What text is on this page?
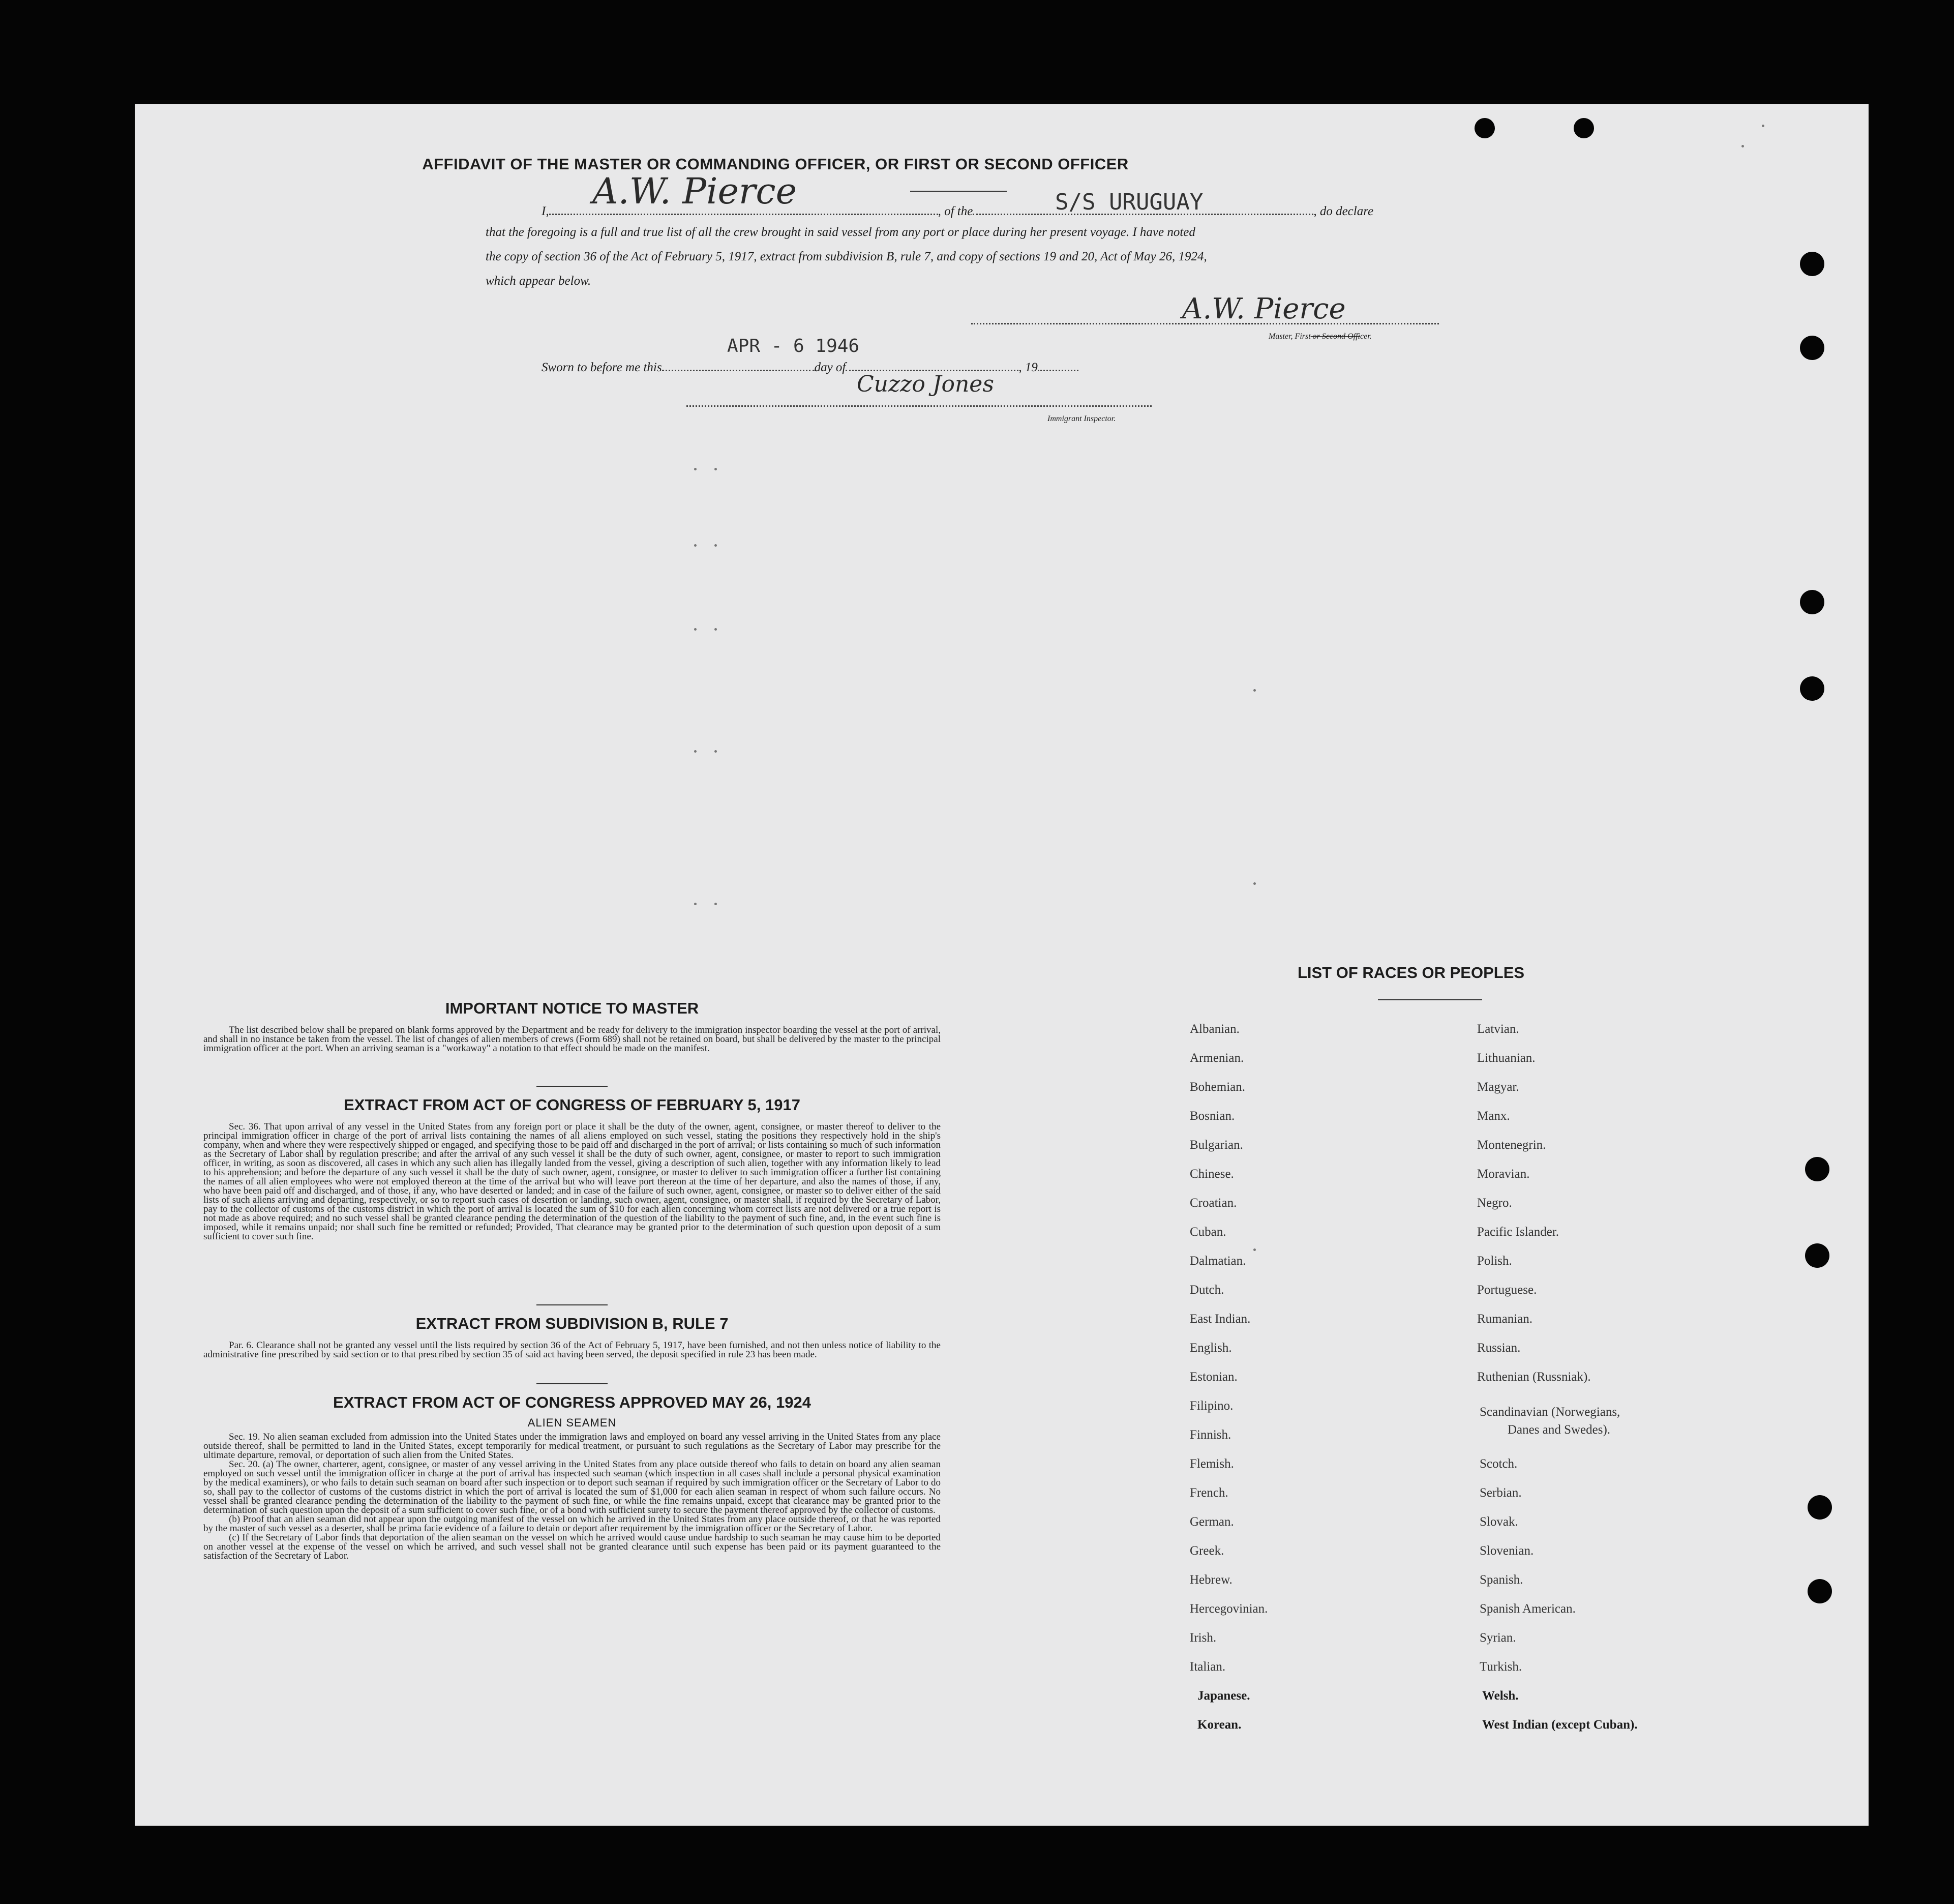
AFFIDAVIT OF THE MASTER OR COMMANDING OFFICER, OR FIRST OR SECOND OFFICER
I,	, of the	, do declare
A.W. Pierce	S/S URUGUAY
that the foregoing is a full and true list of all the crew brought in said vessel from any port or place during her present voyage. I have noted
the copy of section 36 of the Act of February 5, 1917, extract from subdivision B, rule 7, and copy of sections 19 and 20, Act of May 26, 1924,
which appear below.
A.W. Pierce
Master, First or Second Officer.
APR - 6 1946
Sworn to before me this	day of	, 19
Cuzzo Jones
Immigrant Inspector.
IMPORTANT NOTICE TO MASTER

The list described below shall be prepared on blank forms approved by the Department and be ready for delivery to the immigration inspector boarding the vessel at the port of arrival, and shall in no instance be taken from the vessel. The list of changes of alien members of crews (Form 689) shall not be retained on board, but shall be delivered by the master to the principal immigration officer at the port. When an arriving seaman is a "workaway" a notation to that effect should be made on the manifest.

EXTRACT FROM ACT OF CONGRESS OF FEBRUARY 5, 1917

Sec. 36. That upon arrival of any vessel in the United States from any foreign port or place it shall be the duty of the owner, agent, consignee, or master thereof to deliver to the principal immigration officer in charge of the port of arrival lists containing the names of all aliens employed on such vessel, stating the positions they respectively hold in the ship's company, when and where they were respectively shipped or engaged, and specifying those to be paid off and discharged in the port of arrival; or lists containing so much of such information as the Secretary of Labor shall by regulation prescribe; and after the arrival of any such vessel it shall be the duty of such owner, agent, consignee, or master to report to such immigration officer, in writing, as soon as discovered, all cases in which any such alien has illegally landed from the vessel, giving a description of such alien, together with any information likely to lead to his apprehension; and before the departure of any such vessel it shall be the duty of such owner, agent, consignee, or master to deliver to such immigration officer a further list containing the names of all alien employees who were not employed thereon at the time of the arrival but who will leave port thereon at the time of her departure, and also the names of those, if any, who have been paid off and discharged, and of those, if any, who have deserted or landed; and in case of the failure of such owner, agent, consignee, or master so to deliver either of the said lists of such aliens arriving and departing, respectively, or so to report such cases of desertion or landing, such owner, agent, consignee, or master shall, if required by the Secretary of Labor, pay to the collector of customs of the customs district in which the port of arrival is located the sum of $10 for each alien concerning whom correct lists are not delivered or a true report is not made as above required; and no such vessel shall be granted clearance pending the determination of the question of the liability to the payment of such fine, and, in the event such fine is imposed, while it remains unpaid; nor shall such fine be remitted or refunded; Provided, That clearance may be granted prior to the determination of such question upon deposit of a sum sufficient to cover such fine.

EXTRACT FROM SUBDIVISION B, RULE 7

Par. 6. Clearance shall not be granted any vessel until the lists required by section 36 of the Act of February 5, 1917, have been furnished, and not then unless notice of liability to the administrative fine prescribed by said section or to that prescribed by section 35 of said act having been served, the deposit specified in rule 23 has been made.

EXTRACT FROM ACT OF CONGRESS APPROVED MAY 26, 1924
ALIEN SEAMEN

Sec. 19. No alien seaman excluded from admission into the United States under the immigration laws and employed on board any vessel arriving in the United States from any place outside thereof, shall be permitted to land in the United States, except temporarily for medical treatment, or pursuant to such regulations as the Secretary of Labor may prescribe for the ultimate departure, removal, or deportation of such alien from the United States.

Sec. 20. (a) The owner, charterer, agent, consignee, or master of any vessel arriving in the United States from any place outside thereof who fails to detain on board any alien seaman employed on such vessel until the immigration officer in charge at the port of arrival has inspected such seaman (which inspection in all cases shall include a personal physical examination by the medical examiners), or who fails to detain such seaman on board after such inspection or to deport such seaman if required by such immigration officer or the Secretary of Labor to do so, shall pay to the collector of customs of the customs district in which the port of arrival is located the sum of $1,000 for each alien seaman in respect of whom such failure occurs. No vessel shall be granted clearance pending the determination of the liability to the payment of such fine, or while the fine remains unpaid, except that clearance may be granted prior to the determination of such question upon the deposit of a sum sufficient to cover such fine, or of a bond with sufficient surety to secure the payment thereof approved by the collector of customs.

(b) Proof that an alien seaman did not appear upon the outgoing manifest of the vessel on which he arrived in the United States from any place outside thereof, or that he was reported by the master of such vessel as a deserter, shall be prima facie evidence of a failure to detain or deport after requirement by the immigration officer or the Secretary of Labor.

(c) If the Secretary of Labor finds that deportation of the alien seaman on the vessel on which he arrived would cause undue hardship to such seaman he may cause him to be deported on another vessel at the expense of the vessel on which he arrived, and such vessel shall not be granted clearance until such expense has been paid or its payment guaranteed to the satisfaction of the Secretary of Labor.

LIST OF RACES OR PEOPLES
Albanian.
Armenian.
Bohemian.
Bosnian.
Bulgarian.
Chinese.
Croatian.
Cuban.
Dalmatian.
Dutch.
East Indian.
English.
Estonian.
Filipino.
Finnish.
Flemish.
French.
German.
Greek.
Hebrew.
Hercegovinian.
Irish.
Italian.
Japanese.
Korean.
Latvian.
Lithuanian.
Magyar.
Manx.
Montenegrin.
Moravian.
Negro.
Pacific Islander.
Polish.
Portuguese.
Rumanian.
Russian.
Ruthenian (Russniak).
Scandinavian (Norwegians,
Danes and Swedes).
Scotch.
Serbian.
Slovak.
Slovenian.
Spanish.
Spanish American.
Syrian.
Turkish.
Welsh.
West Indian (except Cuban).
